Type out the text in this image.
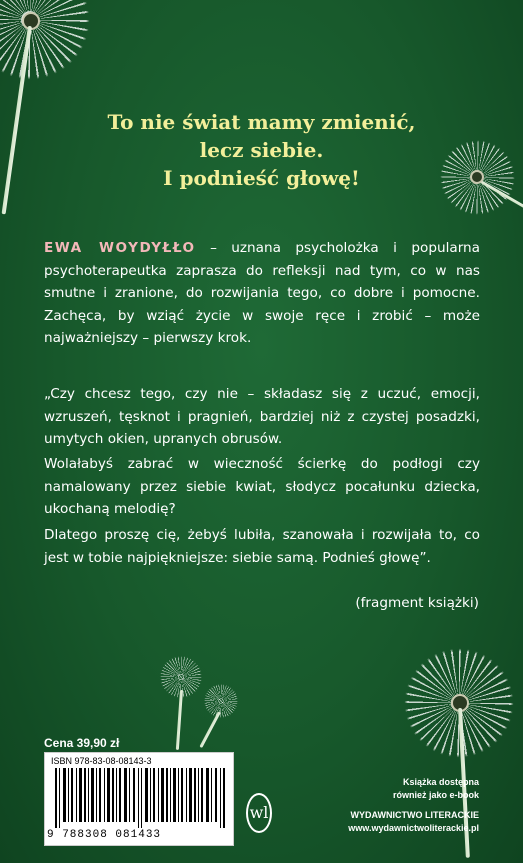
To nie świat mamy zmienić,
lecz siebie.
I podnieść głowę!
EWA WOYDYŁŁO – uznana psycholożka i popularna psychoterapeutka zaprasza do refleksji nad tym, co w nas smutne i zranione, do rozwijania tego, co dobre i pomocne. Zachęca, by wziąć życie w swoje ręce i zrobić – może najważniejszy – pierwszy krok.
„Czy chcesz tego, czy nie – składasz się z uczuć, emocji, wzruszeń, tęsknot i pragnień, bardziej niż z czystej posadzki, umytych okien, upranych obrusów.
Wolałabyś zabrać w wieczność ścierkę do podłogi czy namalowany przez siebie kwiat, słodycz pocałunku dziecka, ukochaną melodię?
Dlatego proszę cię, żebyś lubiła, szanowała i rozwijała to, co jest w tobie najpiękniejsze: siebie samą. Podnieś głowę”.
(fragment książki)
Cena 39,90 zł
ISBN 978-83-08-08143-3
9 788308 081433
wl
Książka dostępna
również jako e-book
WYDAWNICTWO LITERACKIE
www.wydawnictwoliterackie.pl
